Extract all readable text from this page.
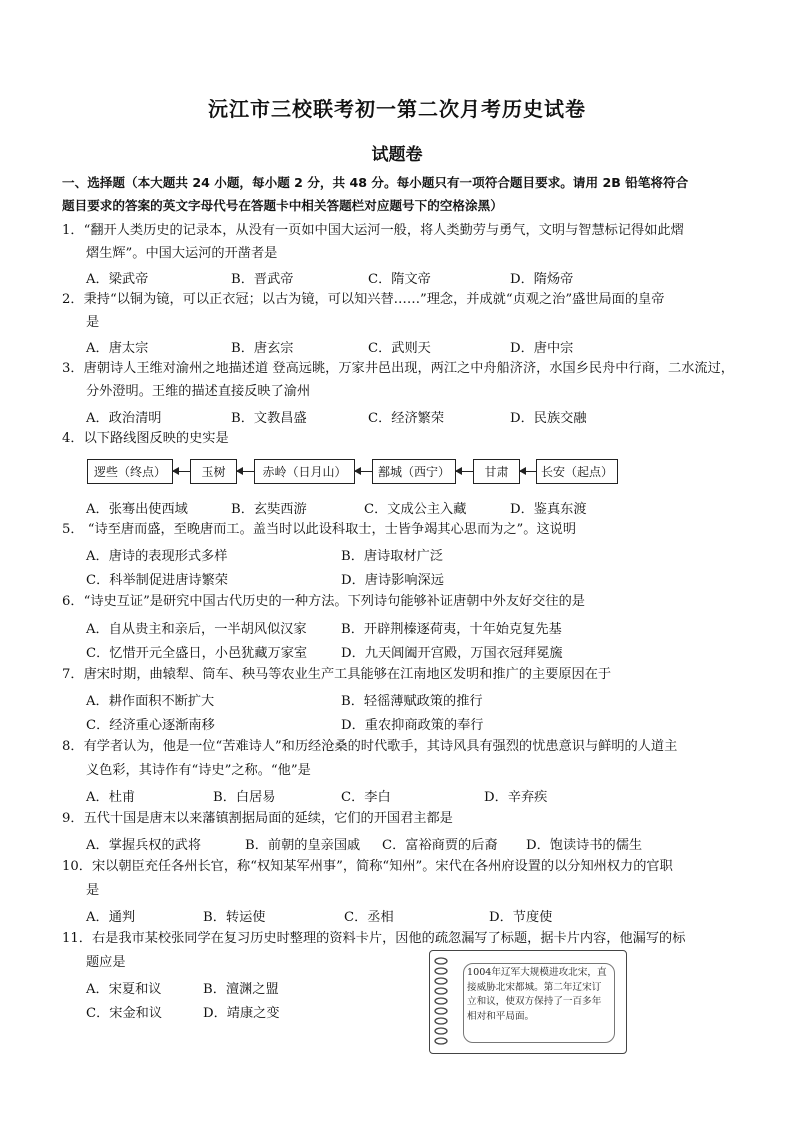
沅江市三校联考初一第二次月考历史试卷
试题卷
一、选择题（本大题共 24 小题，每小题 2 分，共 48 分。每小题只有一项符合题目要求。请用 2B 铅笔将符合
题目要求的答案的英文字母代号在答题卡中相关答题栏对应题号下的空格涂黑）
1．“翻开人类历史的记录本，从没有一页如中国大运河一般，将人类勤劳与勇气，文明与智慧标记得如此熠
熠生辉”。中国大运河的开凿者是
A．梁武帝	B．晋武帝	C．隋文帝	D．隋炀帝
2．秉持“以铜为镜，可以正衣冠；以古为镜，可以知兴替……”理念，并成就“贞观之治”盛世局面的皇帝
是
A．唐太宗	B．唐玄宗	C．武则天	D．唐中宗
3．唐朝诗人王维对渝州之地描述道 登高远眺，万家井邑出现，两江之中舟船济济，水国乡民舟中行商，二水流过，
分外澄明。王维的描述直接反映了渝州
A．政治清明	B．文教昌盛	C．经济繁荣	D．民族交融
4．以下路线图反映的史实是
逻些（终点）	玉树	赤岭（日月山）	鄯城（西宁）	甘肃	长安（起点）
A．张骞出使西域	B．玄奘西游	C．文成公主入藏	D．鉴真东渡
5． “诗至唐而盛，至晚唐而工。盖当时以此设科取士，士皆争竭其心思而为之”。这说明
A．唐诗的表现形式多样	B．唐诗取材广泛
C．科举制促进唐诗繁荣	D．唐诗影响深远
6．“诗史互证”是研究中国古代历史的一种方法。下列诗句能够补证唐朝中外友好交往的是
A．自从贵主和亲后，一半胡风似汉家	B．开辟荆榛逐荷夷，十年始克复先基
C．忆惜开元全盛日，小邑犹藏万家室	D．九天阊阖开宫殿，万国衣冠拜冕旒
7．唐宋时期，曲辕犁、筒车、秧马等农业生产工具能够在江南地区发明和推广的主要原因在于
A．耕作面积不断扩大	B．轻徭薄赋政策的推行
C．经济重心逐渐南移	D．重农抑商政策的奉行
8．有学者认为，他是一位“苦难诗人”和历经沧桑的时代歌手，其诗风具有强烈的忧患意识与鲜明的人道主
义色彩，其诗作有“诗史”之称。“他”是
A．杜甫	B．白居易	C．李白	D．辛弃疾
9．五代十国是唐末以来藩镇割据局面的延续，它们的开国君主都是
A．掌握兵权的武将	B．前朝的皇亲国戚 C．富裕商贾的后裔 D．饱读诗书的儒生
10．宋以朝臣充任各州长官，称“权知某军州事”，简称“知州”。宋代在各州府设置的以分知州权力的官职
是
A．通判	B．转运使	C．丞相	D．节度使
11．右是我市某校张同学在复习历史时整理的资料卡片，因他的疏忽漏写了标题，据卡片内容，他漏写的标
题应是
A．宋夏和议	B．澶渊之盟
C．宋金和议	D．靖康之变
1004年辽军大规模进攻北宋，直接威胁北宋都城。第二年辽宋订立和议，使双方保持了一百多年相对和平局面。
